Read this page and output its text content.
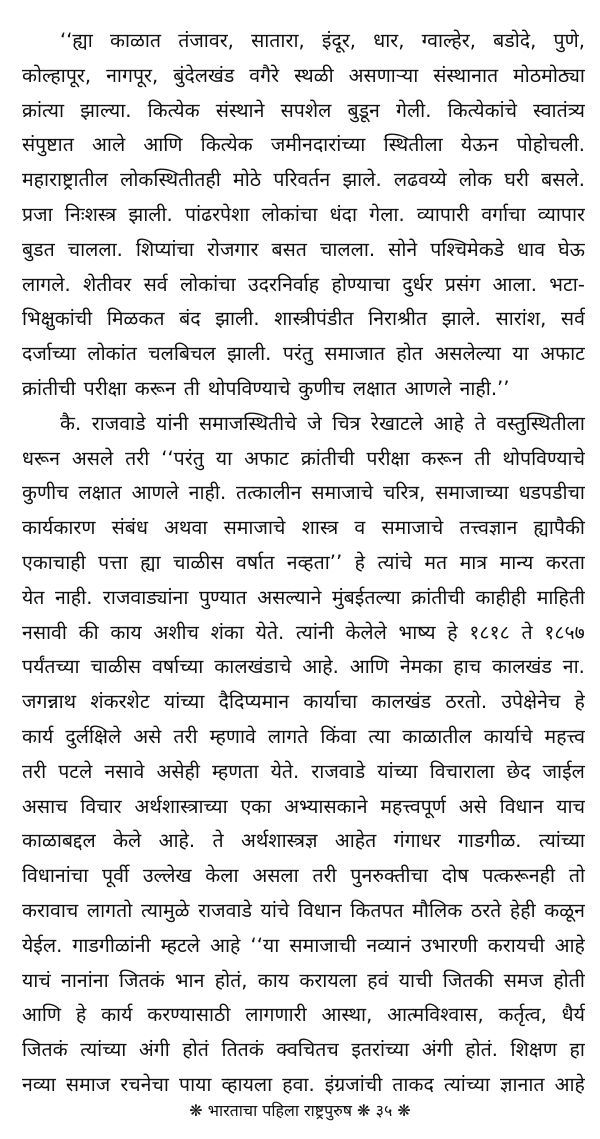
‘‘ह्या काळात तंजावर, सातारा, इंदूर, धार, ग्वाल्हेर, बडोदे, पुणे,
कोल्हापूर, नागपूर, बुंदेलखंड वगैरे स्थळी असणाऱ्या संस्थानात मोठमोठ्या
क्रांत्या झाल्या. कित्येक संस्थाने सपशेल बुडून गेली. कित्येकांचे स्वातंत्र्य
संपुष्टात आले आणि कित्येक जमीनदारांच्या स्थितीला येऊन पोहोचली.
महाराष्ट्रातील लोकस्थितीतही मोठे परिवर्तन झाले. लढवय्ये लोक घरी बसले.
प्रजा निःशस्त्र झाली. पांढरपेशा लोकांचा धंदा गेला. व्यापारी वर्गाचा व्यापार
बुडत चालला. शिप्यांचा रोजगार बसत चालला. सोने पश्चिमेकडे धाव घेऊ
लागले. शेतीवर सर्व लोकांचा उदरनिर्वाह होण्याचा दुर्धर प्रसंग आला. भटा-
भिक्षुकांची मिळकत बंद झाली. शास्त्रीपंडीत निराश्रीत झाले. सारांश, सर्व
दर्जाच्या लोकांत चलबिचल झाली. परंतु समाजात होत असलेल्या या अफाट
क्रांतीची परीक्षा करून ती थोपविण्याचे कुणीच लक्षात आणले नाही.’’
कै. राजवाडे यांनी समाजस्थितीचे जे चित्र रेखाटले आहे ते वस्तुस्थितीला
धरून असले तरी ‘‘परंतु या अफाट क्रांतीची परीक्षा करून ती थोपविण्याचे
कुणीच लक्षात आणले नाही. तत्कालीन समाजाचे चरित्र, समाजाच्या धडपडीचा
कार्यकारण संबंध अथवा समाजाचे शास्त्र व समाजाचे तत्त्वज्ञान ह्यापैकी
एकाचाही पत्ता ह्या चाळीस वर्षात नव्हता’’ हे त्यांचे मत मात्र मान्य करता
येत नाही. राजवाड्यांना पुण्यात असल्याने मुंबईतल्या क्रांतीची काहीही माहिती
नसावी की काय अशीच शंका येते. त्यांनी केलेले भाष्य हे १८१८ ते १८५७
पर्यंतच्या चाळीस वर्षाच्या कालखंडाचे आहे. आणि नेमका हाच कालखंड ना.
जगन्नाथ शंकरशेट यांच्या दैदिप्यमान कार्याचा कालखंड ठरतो. उपेक्षेनेच हे
कार्य दुर्लक्षिले असे तरी म्हणावे लागते किंवा त्या काळातील कार्याचे महत्त्व
तरी पटले नसावे असेही म्हणता येते. राजवाडे यांच्या विचाराला छेद जाईल
असाच विचार अर्थशास्त्राच्या एका अभ्यासकाने महत्त्वपूर्ण असे विधान याच
काळाबद्दल केले आहे. ते अर्थशास्त्रज्ञ आहेत गंगाधर गाडगीळ. त्यांच्या
विधानांचा पूर्वी उल्लेख केला असला तरी पुनरुक्तीचा दोष पत्करूनही तो
करावाच लागतो त्यामुळे राजवाडे यांचे विधान कितपत मौलिक ठरते हेही कळून
येईल. गाडगीळांनी म्हटले आहे ‘‘या समाजाची नव्यानं उभारणी करायची आहे
याचं नानांना जितकं भान होतं, काय करायला हवं याची जितकी समज होती
आणि हे कार्य करण्यासाठी लागणारी आस्था, आत्मविश्वास, कर्तृत्व, धैर्य
जितकं त्यांच्या अंगी होतं तितकं क्वचितच इतरांच्या अंगी होतं. शिक्षण हा
नव्या समाज रचनेचा पाया व्हायला हवा. इंग्रजांची ताकद त्यांच्या ज्ञानात आहे
❋ भारताचा पहिला राष्ट्रपुरुष ❋ ३५ ❋
